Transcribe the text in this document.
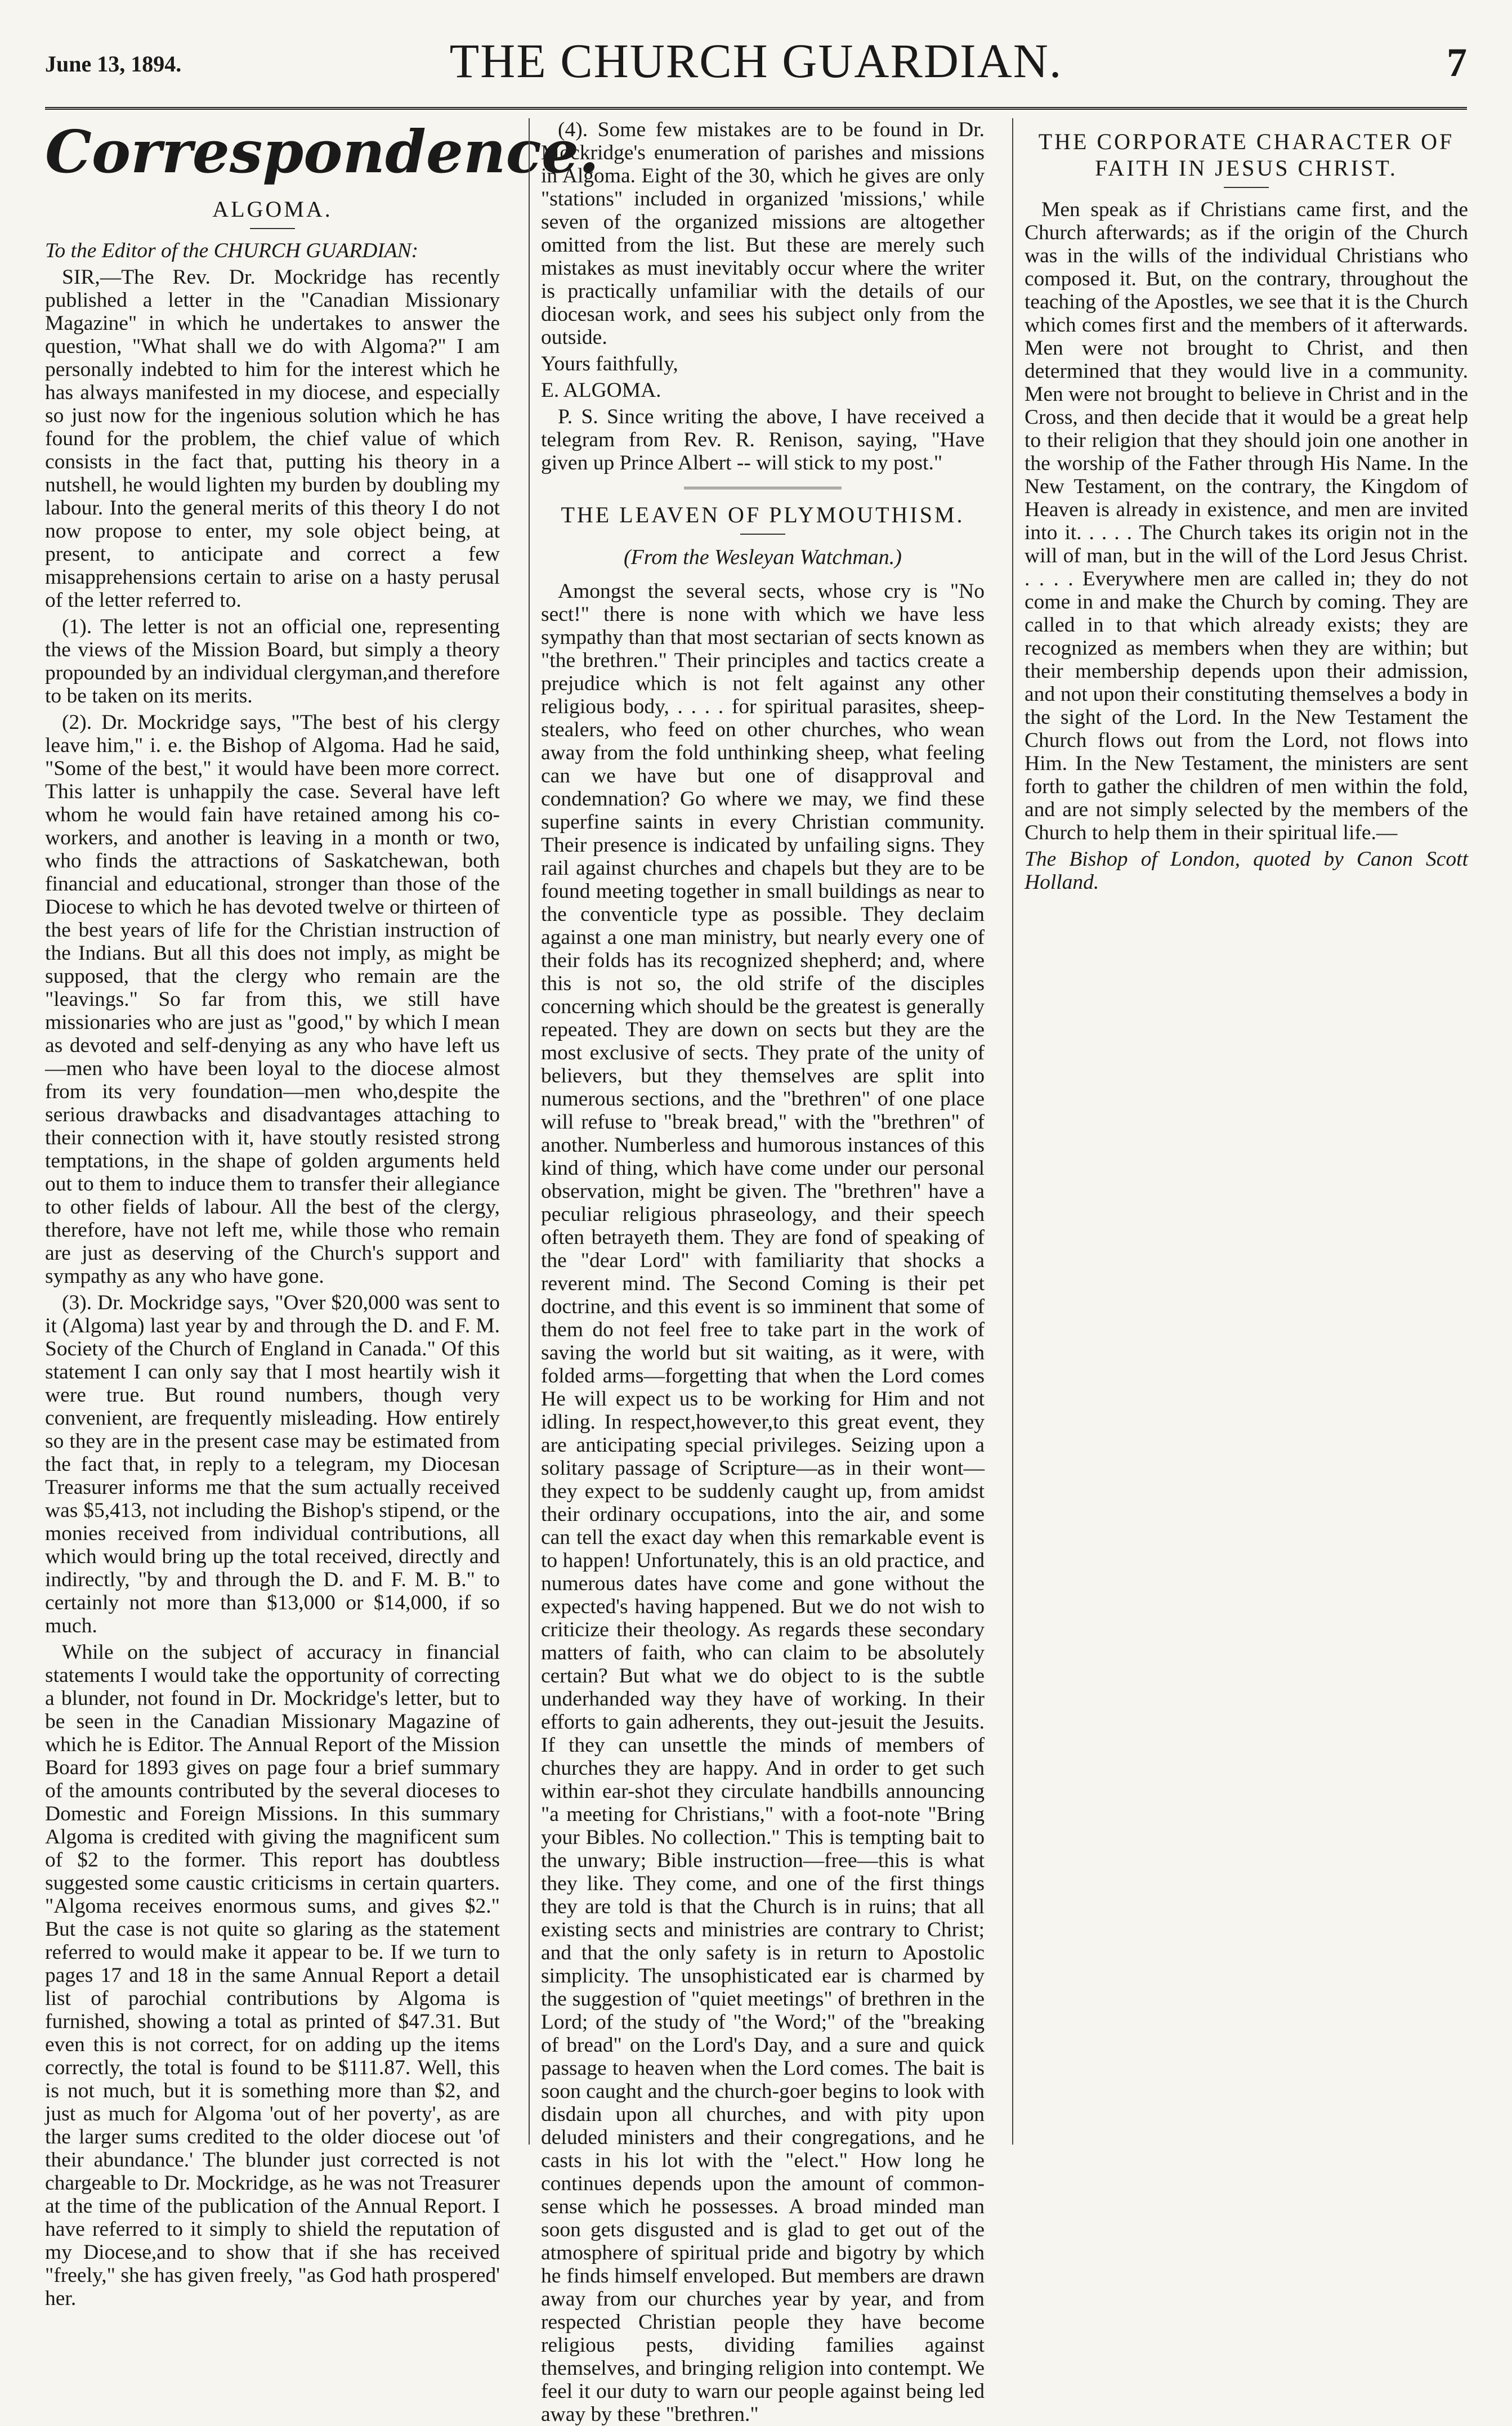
June 13, 1894.	THE CHURCH GUARDIAN.	7
Correspondence.
ALGOMA.

To the Editor of the CHURCH GUARDIAN:

SIR,—The Rev. Dr. Mockridge has recently published a letter in the "Canadian Missionary Magazine" in which he undertakes to answer the question, "What shall we do with Algoma?" I am personally indebted to him for the interest which he has always manifested in my diocese, and especially so just now for the ingenious solution which he has found for the problem, the chief value of which consists in the fact that, putting his theory in a nutshell, he would lighten my burden by doubling my labour. Into the general merits of this theory I do not now propose to enter, my sole object being, at present, to anticipate and correct a few misapprehensions certain to arise on a hasty perusal of the letter referred to.

(1). The letter is not an official one, representing the views of the Mission Board, but simply a theory propounded by an individual clergyman,and therefore to be taken on its merits.

(2). Dr. Mockridge says, "The best of his clergy leave him," i. e. the Bishop of Algoma. Had he said, "Some of the best," it would have been more correct. This latter is unhappily the case. Several have left whom he would fain have retained among his co-workers, and another is leaving in a month or two, who finds the attractions of Saskatchewan, both financial and educational, stronger than those of the Diocese to which he has devoted twelve or thirteen of the best years of life for the Christian instruction of the Indians. But all this does not imply, as might be supposed, that the clergy who remain are the "leavings." So far from this, we still have missionaries who are just as "good," by which I mean as devoted and self-denying as any who have left us—men who have been loyal to the diocese almost from its very foundation—men who,despite the serious drawbacks and disadvantages attaching to their connection with it, have stoutly resisted strong temptations, in the shape of golden arguments held out to them to induce them to transfer their allegiance to other fields of labour. All the best of the clergy, therefore, have not left me, while those who remain are just as deserving of the Church's support and sympathy as any who have gone.

(3). Dr. Mockridge says, "Over $20,000 was sent to it (Algoma) last year by and through the D. and F. M. Society of the Church of England in Canada." Of this statement I can only say that I most heartily wish it were true. But round numbers, though very convenient, are frequently misleading. How entirely so they are in the present case may be estimated from the fact that, in reply to a telegram, my Diocesan Treasurer informs me that the sum actually received was $5,413, not including the Bishop's stipend, or the monies received from individual contributions, all which would bring up the total received, directly and indirectly, "by and through the D. and F. M. B." to certainly not more than $13,000 or $14,000, if so much.

While on the subject of accuracy in financial statements I would take the opportunity of correcting a blunder, not found in Dr. Mockridge's letter, but to be seen in the Canadian Missionary Magazine of which he is Editor. The Annual Report of the Mission Board for 1893 gives on page four a brief summary of the amounts contributed by the several dioceses to Domestic and Foreign Missions. In this summary Algoma is credited with giving the magnificent sum of $2 to the former. This report has doubtless suggested some caustic criticisms in certain quarters. "Algoma receives enormous sums, and gives $2." But the case is not quite so glaring as the statement referred to would make it appear to be. If we turn to pages 17 and 18 in the same Annual Report a detail list of parochial contributions by Algoma is furnished, showing a total as printed of $47.31. But even this is not correct, for on adding up the items correctly, the total is found to be $111.87. Well, this is not much, but it is something more than $2, and just as much for Algoma 'out of her poverty', as are the larger sums credited to the older diocese out 'of their abundance.' The blunder just corrected is not chargeable to Dr. Mockridge, as he was not Treasurer at the time of the publication of the Annual Report. I have referred to it simply to shield the reputation of my Diocese,and to show that if she has received "freely," she has given freely, "as God hath prospered' her.

(4). Some few mistakes are to be found in Dr. Mockridge's enumeration of parishes and missions in Algoma. Eight of the 30, which he gives are only "stations" included in organized 'missions,' while seven of the organized missions are altogether omitted from the list. But these are merely such mistakes as must inevitably occur where the writer is practically unfamiliar with the details of our diocesan work, and sees his subject only from the outside.

Yours faithfully,

E. ALGOMA.

P. S. Since writing the above, I have received a telegram from Rev. R. Renison, saying, "Have given up Prince Albert -- will stick to my post."

THE LEAVEN OF PLYMOUTHISM.
(From the Wesleyan Watchman.)

Amongst the several sects, whose cry is "No sect!" there is none with which we have less sympathy than that most sectarian of sects known as "the brethren." Their principles and tactics create a prejudice which is not felt against any other religious body, . . . . for spiritual parasites, sheep-stealers, who feed on other churches, who wean away from the fold unthinking sheep, what feeling can we have but one of disapproval and condemnation? Go where we may, we find these superfine saints in every Christian community. Their presence is indicated by unfailing signs. They rail against churches and chapels but they are to be found meeting together in small buildings as near to the conventicle type as possible. They declaim against a one man ministry, but nearly every one of their folds has its recognized shepherd; and, where this is not so, the old strife of the disciples concerning which should be the greatest is generally repeated. They are down on sects but they are the most exclusive of sects. They prate of the unity of believers, but they themselves are split into numerous sections, and the "brethren" of one place will refuse to "break bread," with the "brethren" of another. Numberless and humorous instances of this kind of thing, which have come under our personal observation, might be given. The "brethren" have a peculiar religious phraseology, and their speech often betrayeth them. They are fond of speaking of the "dear Lord" with familiarity that shocks a reverent mind. The Second Coming is their pet doctrine, and this event is so imminent that some of them do not feel free to take part in the work of saving the world but sit waiting, as it were, with folded arms—forgetting that when the Lord comes He will expect us to be working for Him and not idling. In respect,however,to this great event, they are anticipating special privileges. Seizing upon a solitary passage of Scripture—as in their wont—they expect to be suddenly caught up, from amidst their ordinary occupations, into the air, and some can tell the exact day when this remarkable event is to happen! Unfortunately, this is an old practice, and numerous dates have come and gone without the expected's having happened. But we do not wish to criticize their theology. As regards these secondary matters of faith, who can claim to be absolutely certain? But what we do object to is the subtle underhanded way they have of working. In their efforts to gain adherents, they out-jesuit the Jesuits. If they can unsettle the minds of members of churches they are happy. And in order to get such within ear-shot they circulate handbills announcing "a meeting for Christians," with a foot-note "Bring your Bibles. No collection." This is tempting bait to the unwary; Bible instruction—free—this is what they like. They come, and one of the first things they are told is that the Church is in ruins; that all existing sects and ministries are contrary to Christ; and that the only safety is in return to Apostolic simplicity. The unsophisticated ear is charmed by the suggestion of "quiet meetings" of brethren in the Lord; of the study of "the Word;" of the "breaking of bread" on the Lord's Day, and a sure and quick passage to heaven when the Lord comes. The bait is soon caught and the church-goer begins to look with disdain upon all churches, and with pity upon deluded ministers and their congregations, and he casts in his lot with the "elect." How long he continues depends upon the amount of common-sense which he possesses. A broad minded man soon gets disgusted and is glad to get out of the atmosphere of spiritual pride and bigotry by which he finds himself enveloped. But members are drawn away from our churches year by year, and from respected Christian people they have become religious pests, dividing families against themselves, and bringing religion into contempt. We feel it our duty to warn our people against being led away by these "brethren."

THE CORPORATE CHARACTER OF FAITH IN JESUS CHRIST.

Men speak as if Christians came first, and the Church afterwards; as if the origin of the Church was in the wills of the individual Christians who composed it. But, on the contrary, throughout the teaching of the Apostles, we see that it is the Church which comes first and the members of it afterwards. Men were not brought to Christ, and then determined that they would live in a community. Men were not brought to believe in Christ and in the Cross, and then decide that it would be a great help to their religion that they should join one another in the worship of the Father through His Name. In the New Testament, on the contrary, the Kingdom of Heaven is already in existence, and men are invited into it. . . . . The Church takes its origin not in the will of man, but in the will of the Lord Jesus Christ. . . . . Everywhere men are called in; they do not come in and make the Church by coming. They are called in to that which already exists; they are recognized as members when they are within; but their membership depends upon their admission, and not upon their constituting themselves a body in the sight of the Lord. In the New Testament the Church flows out from the Lord, not flows into Him. In the New Testament, the ministers are sent forth to gather the children of men within the fold, and are not simply selected by the members of the Church to help them in their spiritual life.—

The Bishop of London, quoted by Canon Scott Holland.
